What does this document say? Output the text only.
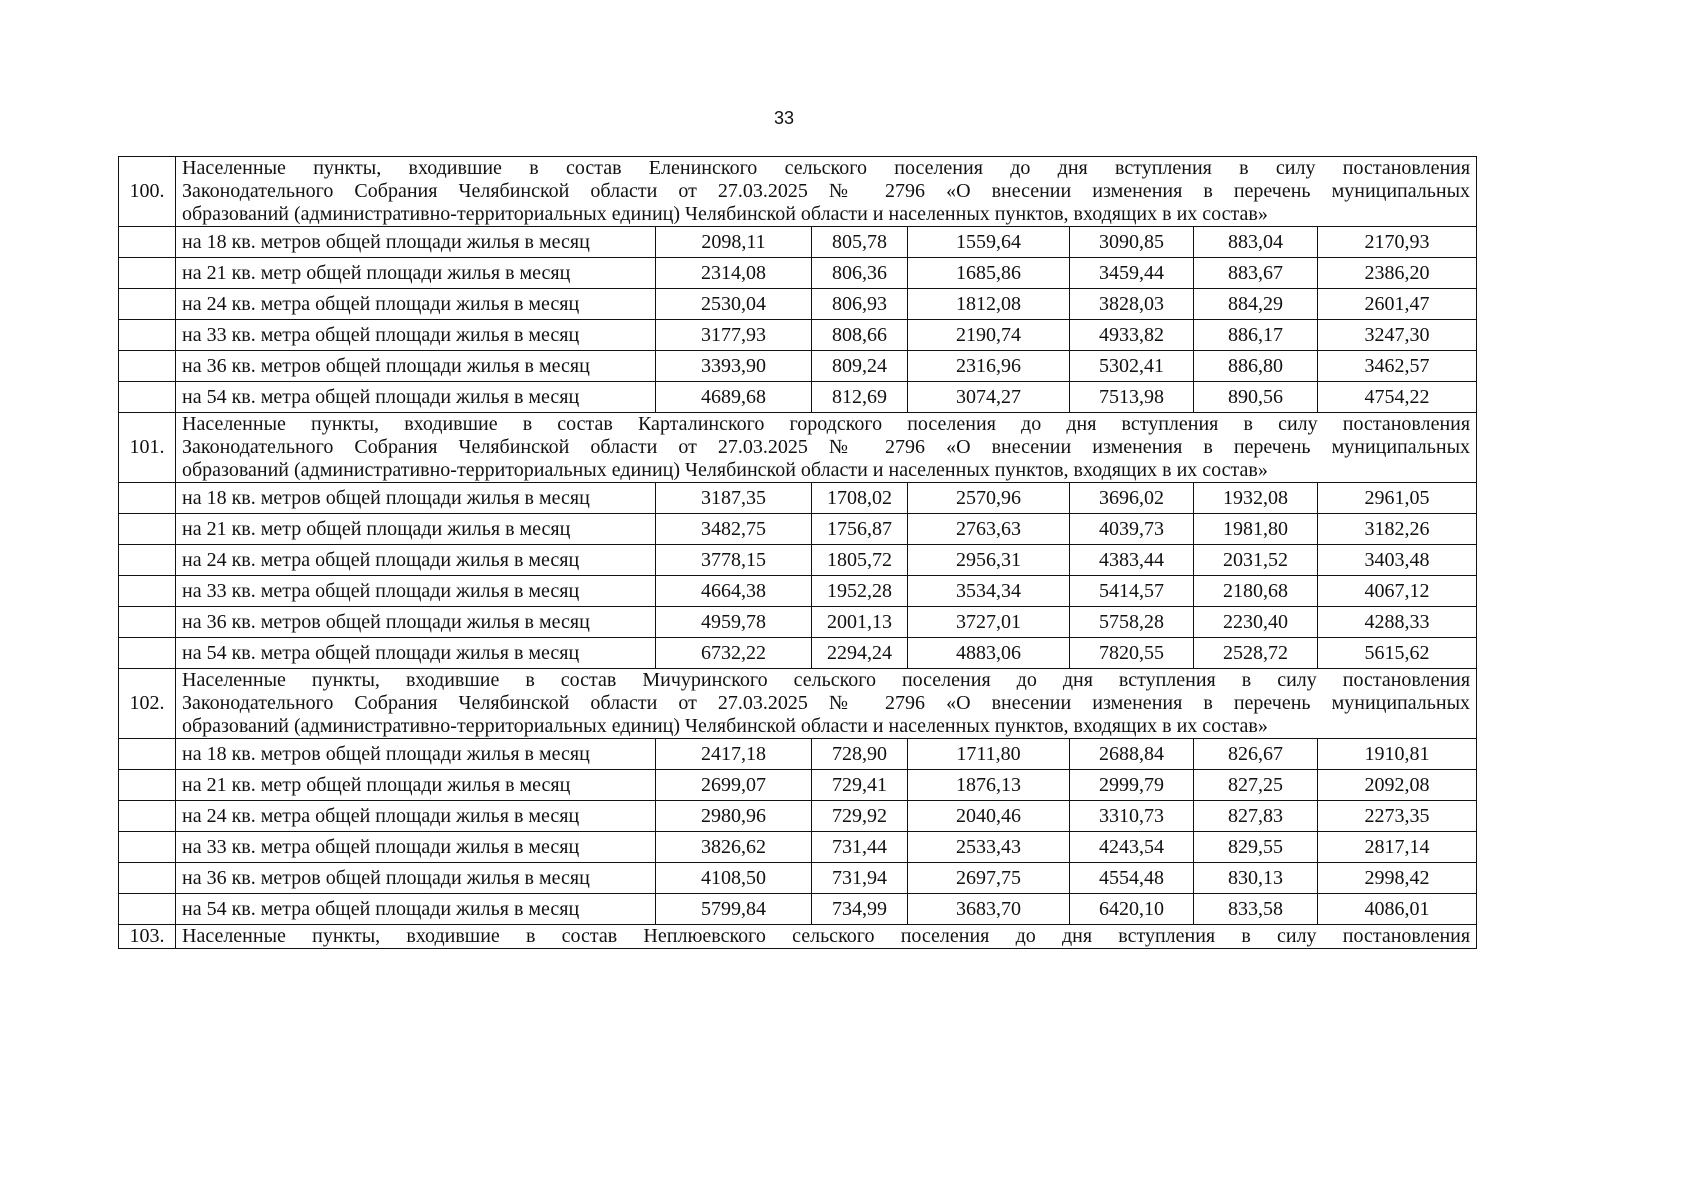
33
100.	Населенные пункты, входившие в состав Еленинского сельского поселения до дня вступления в силу постановления
Законодательного Собрания Челябинской области от 27.03.2025 № 2796 «О внесении изменения в перечень муниципальных
образований (административно-территориальных единиц) Челябинской области и населенных пунктов, входящих в их состав»						

	на 18 кв. метров общей площади жилья в месяц	2098,11	805,78	1559,64	3090,85	883,04	2170,93
	на 21 кв. метр общей площади жилья в месяц	2314,08	806,36	1685,86	3459,44	883,67	2386,20
	на 24 кв. метра общей площади жилья в месяц	2530,04	806,93	1812,08	3828,03	884,29	2601,47
	на 33 кв. метра общей площади жилья в месяц	3177,93	808,66	2190,74	4933,82	886,17	3247,30
	на 36 кв. метров общей площади жилья в месяц	3393,90	809,24	2316,96	5302,41	886,80	3462,57
	на 54 кв. метра общей площади жилья в месяц	4689,68	812,69	3074,27	7513,98	890,56	4754,22
101.	Населенные пункты, входившие в состав Карталинского городского поселения до дня вступления в силу постановления
Законодательного Собрания Челябинской области от 27.03.2025 № 2796 «О внесении изменения в перечень муниципальных
образований (административно-территориальных единиц) Челябинской области и населенных пунктов, входящих в их состав»						

	на 18 кв. метров общей площади жилья в месяц	3187,35	1708,02	2570,96	3696,02	1932,08	2961,05
	на 21 кв. метр общей площади жилья в месяц	3482,75	1756,87	2763,63	4039,73	1981,80	3182,26
	на 24 кв. метра общей площади жилья в месяц	3778,15	1805,72	2956,31	4383,44	2031,52	3403,48
	на 33 кв. метра общей площади жилья в месяц	4664,38	1952,28	3534,34	5414,57	2180,68	4067,12
	на 36 кв. метров общей площади жилья в месяц	4959,78	2001,13	3727,01	5758,28	2230,40	4288,33
	на 54 кв. метра общей площади жилья в месяц	6732,22	2294,24	4883,06	7820,55	2528,72	5615,62
102.	Населенные пункты, входившие в состав Мичуринского сельского поселения до дня вступления в силу постановления
Законодательного Собрания Челябинской области от 27.03.2025 № 2796 «О внесении изменения в перечень муниципальных
образований (административно-территориальных единиц) Челябинской области и населенных пунктов, входящих в их состав»						

	на 18 кв. метров общей площади жилья в месяц	2417,18	728,90	1711,80	2688,84	826,67	1910,81
	на 21 кв. метр общей площади жилья в месяц	2699,07	729,41	1876,13	2999,79	827,25	2092,08
	на 24 кв. метра общей площади жилья в месяц	2980,96	729,92	2040,46	3310,73	827,83	2273,35
	на 33 кв. метра общей площади жилья в месяц	3826,62	731,44	2533,43	4243,54	829,55	2817,14
	на 36 кв. метров общей площади жилья в месяц	4108,50	731,94	2697,75	4554,48	830,13	2998,42
	на 54 кв. метра общей площади жилья в месяц	5799,84	734,99	3683,70	6420,10	833,58	4086,01
103.	Населенные пункты, входившие в состав Неплюевского сельского поселения до дня вступления в силу постановления						
